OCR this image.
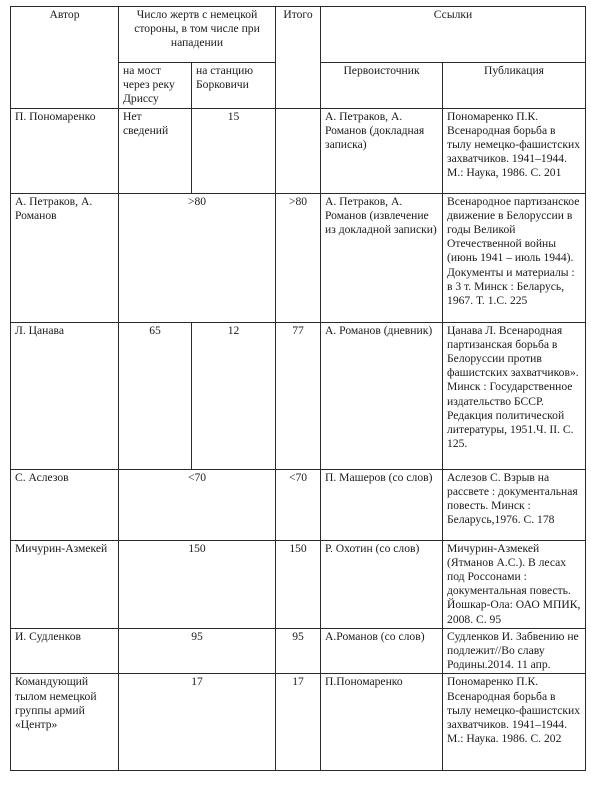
Автор	Число жертв с немецкой стороны, в том числе при нападении		Итого	Ссылки	
	на мост через реку Дриссу	на станцию Борковичи		Первоисточник	Публикация
П. Пономаренко	Нет сведений	15		А. Петраков, А. Романов (докладная записка)	Пономаренко П.К. Всенародная борьба в тылу немецко-фашистских захватчиков. 1941–1944. М.: Наука, 1986. С. 201
А. Петраков, А. Романов	>80		>80	А. Петраков, А. Романов (извлечение из докладной записки)	Всенародное партизанское движение в Белоруссии в годы Великой Отечественной войны (июнь 1941 – июль 1944). Документы и материалы : в 3 т. Минск : Беларусь, 1967. Т. 1.С. 225
Л. Цанава	65	12	77	А. Романов (дневник)	Цанава Л. Всенародная партизанская борьба в Белоруссии против фашистских захватчиков». Минск : Государственное издательство БССР. Редакция политической литературы, 1951.Ч. II. С. 125.
С. Аслезов	<70		<70	П. Машеров (со слов)	Аслезов С. Взрыв на рассвете : документальная повесть. Минск : Беларусь,1976. С. 178
Мичурин-Азмекей	150		150	Р. Охотин (со слов)	Мичурин-Азмекей (Ятманов А.С.). В лесах под Россонами : документальная повесть. Йошкар-Ола: ОАО МПИК, 2008. С. 95
И. Судленков	95		95	А.Романов (со слов)	Судленков И. Забвению не подлежит//Во славу Родины.2014. 11 апр.
Командующий тылом немецкой группы армий «Центр»	17		17	П.Пономаренко	Пономаренко П.К. Всенародная борьба в тылу немецко-фашистских захватчиков. 1941–1944. М.: Наука. 1986. С. 202
